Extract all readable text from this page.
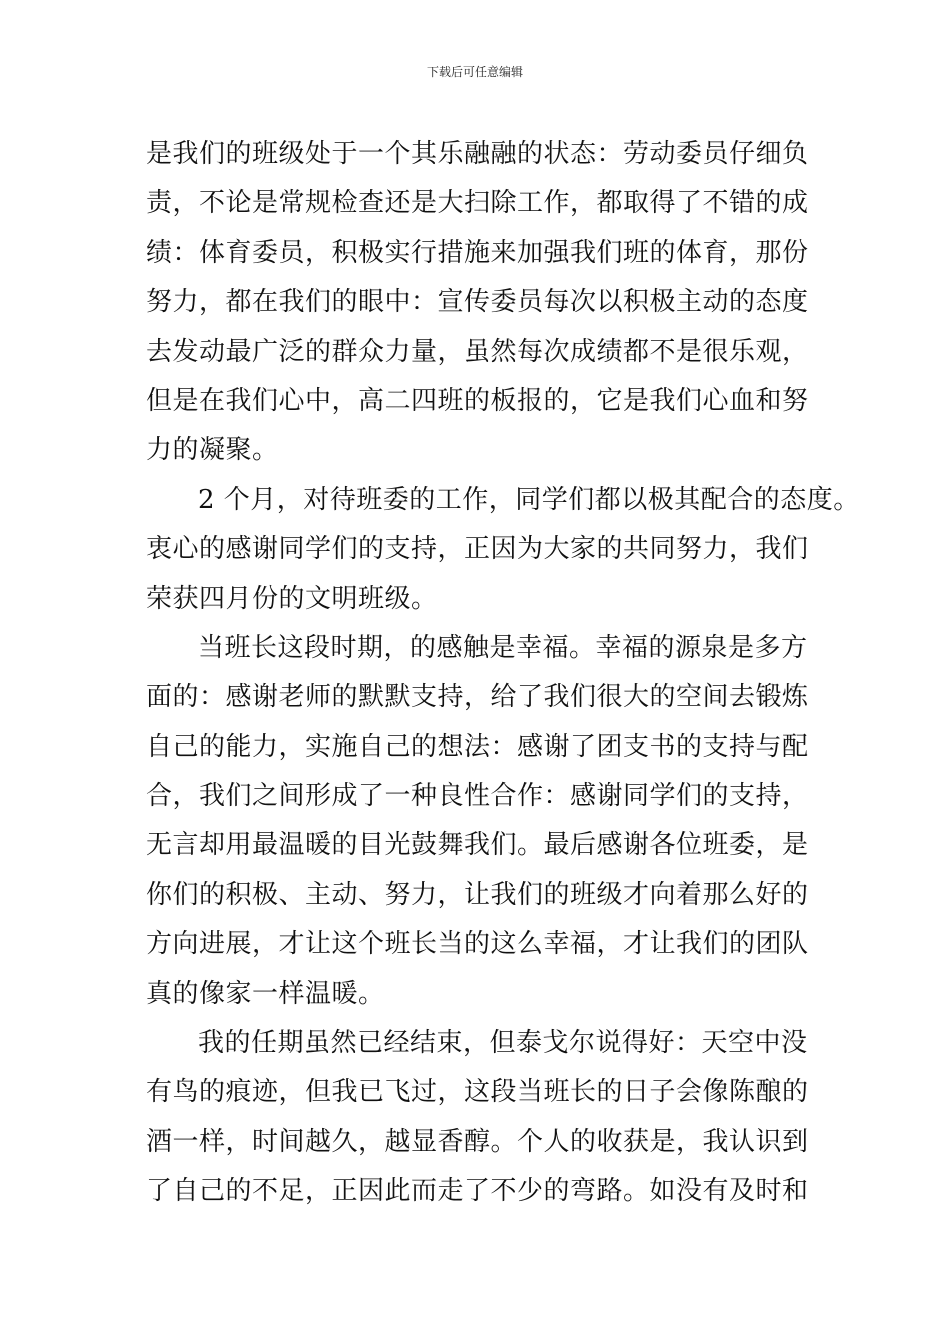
下载后可任意编辑
是我们的班级处于一个其乐融融的状态：劳动委员仔细负
责，不论是常规检查还是大扫除工作，都取得了不错的成
绩：体育委员，积极实行措施来加强我们班的体育，那份
努力，都在我们的眼中：宣传委员每次以积极主动的态度
去发动最广泛的群众力量，虽然每次成绩都不是很乐观，
但是在我们心中，高二四班的板报的，它是我们心血和努
力的凝聚。
2 个月，对待班委的工作，同学们都以极其配合的态度。
衷心的感谢同学们的支持，正因为大家的共同努力，我们
荣获四月份的文明班级。
当班长这段时期，的感触是幸福。幸福的源泉是多方
面的：感谢老师的默默支持，给了我们很大的空间去锻炼
自己的能力，实施自己的想法：感谢了团支书的支持与配
合，我们之间形成了一种良性合作：感谢同学们的支持，
无言却用最温暖的目光鼓舞我们。最后感谢各位班委，是
你们的积极、主动、努力，让我们的班级才向着那么好的
方向进展，才让这个班长当的这么幸福，才让我们的团队
真的像家一样温暖。
我的任期虽然已经结束，但泰戈尔说得好：天空中没
有鸟的痕迹，但我已飞过，这段当班长的日子会像陈酿的
酒一样，时间越久，越显香醇。个人的收获是，我认识到
了自己的不足，正因此而走了不少的弯路。如没有及时和
